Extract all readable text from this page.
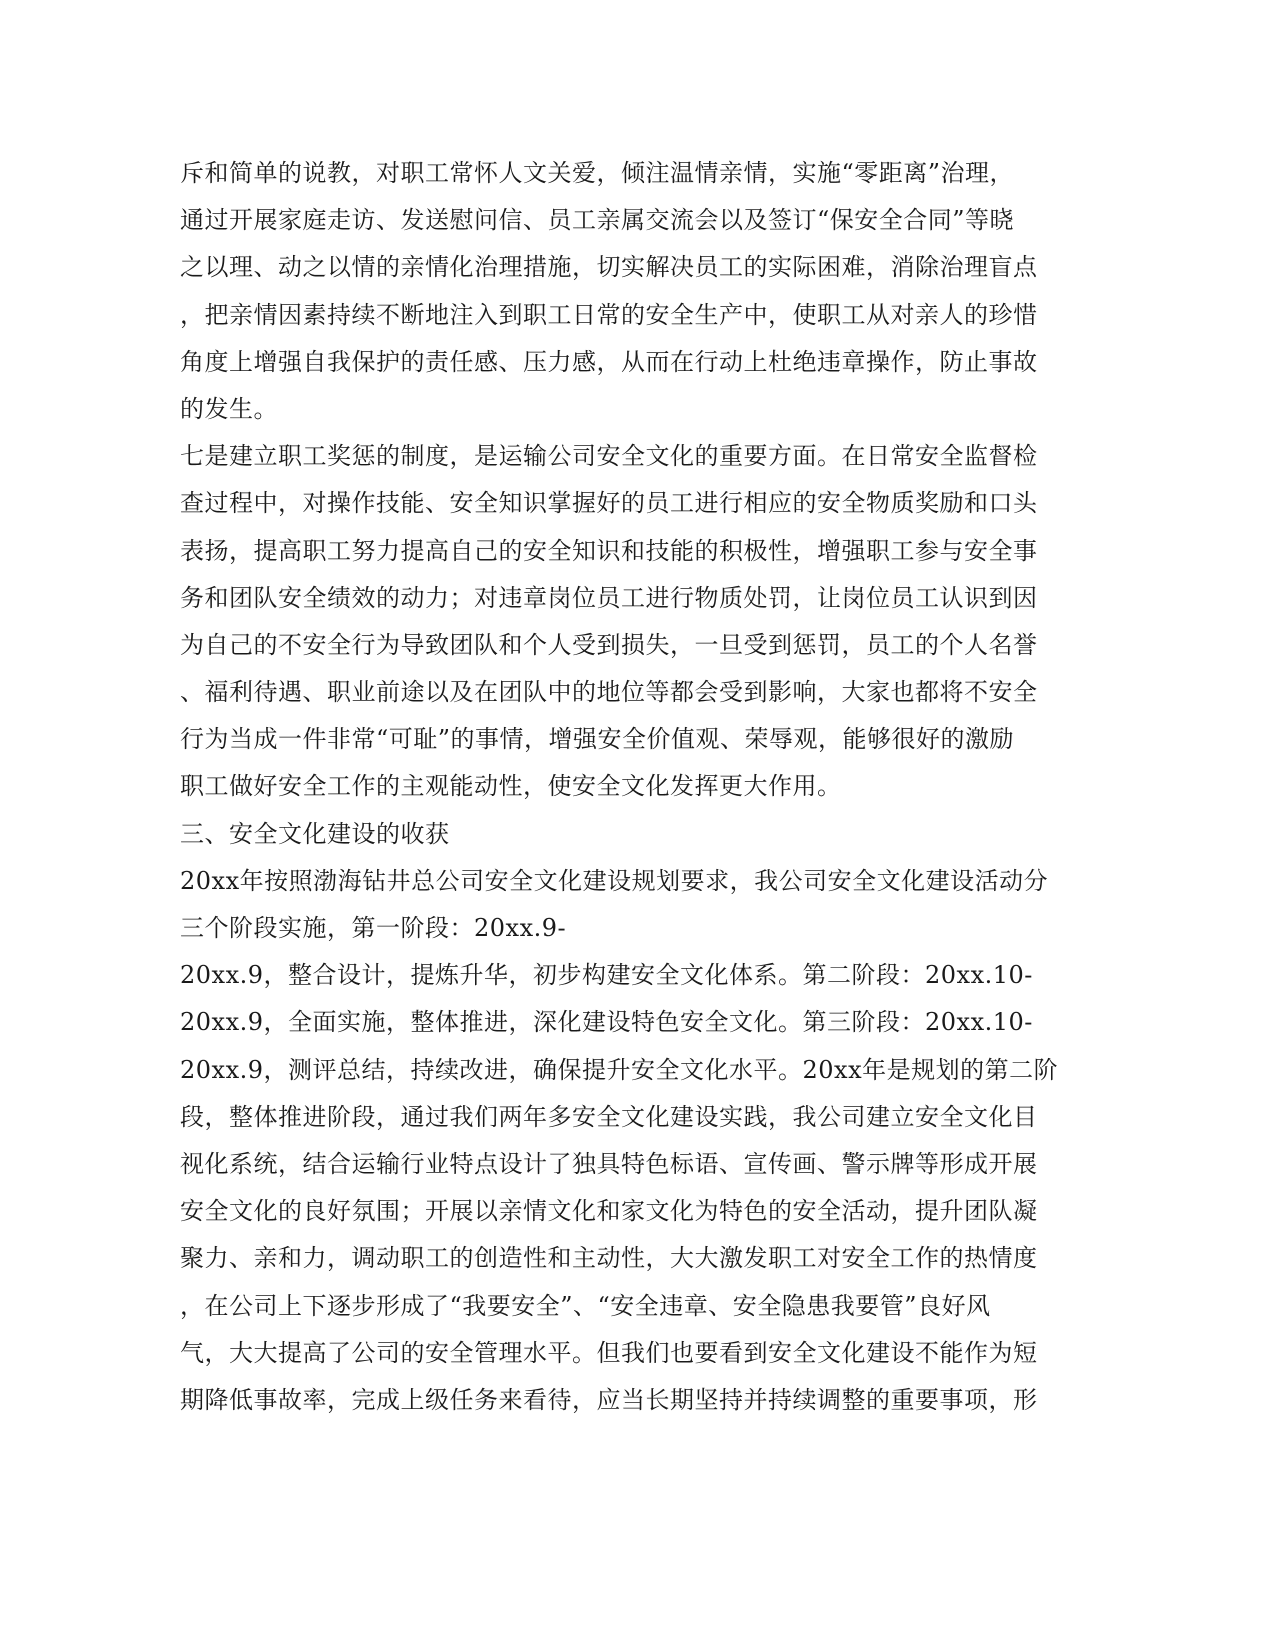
斥和简单的说教，对职工常怀人文关爱，倾注温情亲情，实施“零距离”治理，
通过开展家庭走访、发送慰问信、员工亲属交流会以及签订“保安全合同”等晓
之以理、动之以情的亲情化治理措施，切实解决员工的实际困难，消除治理盲点
，把亲情因素持续不断地注入到职工日常的安全生产中，使职工从对亲人的珍惜
角度上增强自我保护的责任感、压力感，从而在行动上杜绝违章操作，防止事故
的发生。
七是建立职工奖惩的制度，是运输公司安全文化的重要方面。在日常安全监督检
查过程中，对操作技能、安全知识掌握好的员工进行相应的安全物质奖励和口头
表扬，提高职工努力提高自己的安全知识和技能的积极性，增强职工参与安全事
务和团队安全绩效的动力；对违章岗位员工进行物质处罚，让岗位员工认识到因
为自己的不安全行为导致团队和个人受到损失，一旦受到惩罚，员工的个人名誉
、福利待遇、职业前途以及在团队中的地位等都会受到影响，大家也都将不安全
行为当成一件非常“可耻”的事情，增强安全价值观、荣辱观，能够很好的激励
职工做好安全工作的主观能动性，使安全文化发挥更大作用。
三、安全文化建设的收获
20xx年按照渤海钻井总公司安全文化建设规划要求，我公司安全文化建设活动分
三个阶段实施，第一阶段：20xx.9-
20xx.9，整合设计，提炼升华，初步构建安全文化体系。第二阶段：20xx.10-
20xx.9，全面实施，整体推进，深化建设特色安全文化。第三阶段：20xx.10-
20xx.9，测评总结，持续改进，确保提升安全文化水平。20xx年是规划的第二阶
段，整体推进阶段，通过我们两年多安全文化建设实践，我公司建立安全文化目
视化系统，结合运输行业特点设计了独具特色标语、宣传画、警示牌等形成开展
安全文化的良好氛围；开展以亲情文化和家文化为特色的安全活动，提升团队凝
聚力、亲和力，调动职工的创造性和主动性，大大激发职工对安全工作的热情度
，在公司上下逐步形成了“我要安全”、“安全违章、安全隐患我要管”良好风
气，大大提高了公司的安全管理水平。但我们也要看到安全文化建设不能作为短
期降低事故率，完成上级任务来看待，应当长期坚持并持续调整的重要事项，形
